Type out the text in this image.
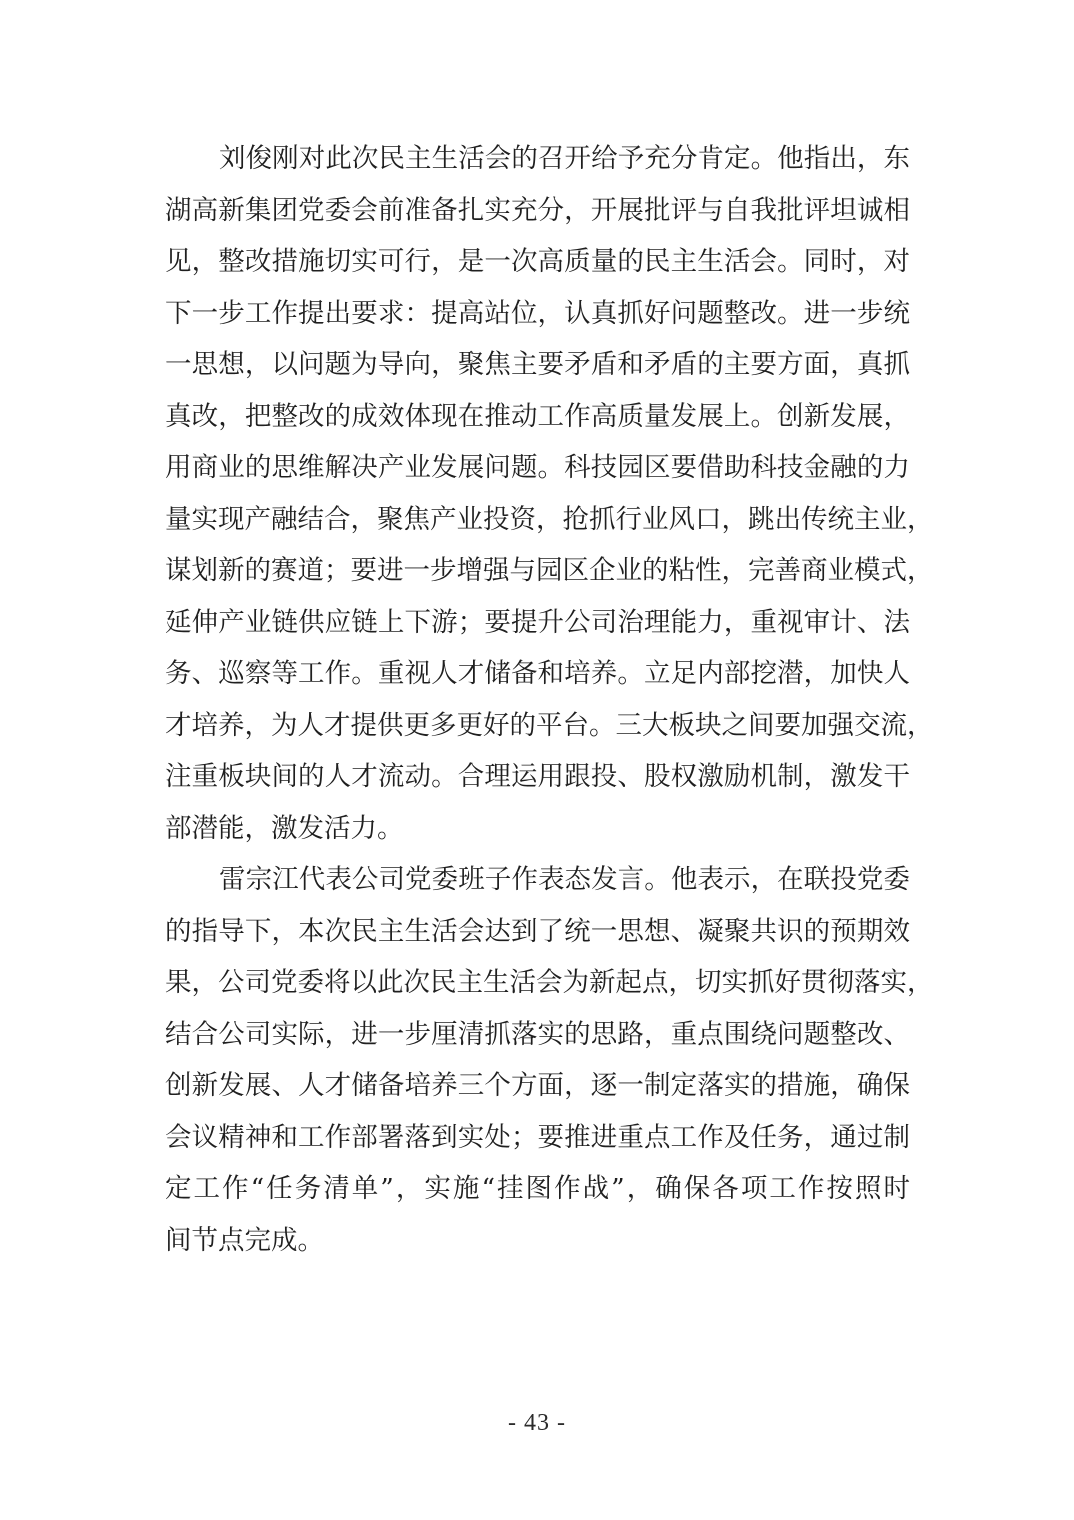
刘俊刚对此次民主生活会的召开给予充分肯定。他指出，东
湖高新集团党委会前准备扎实充分，开展批评与自我批评坦诚相
见，整改措施切实可行，是一次高质量的民主生活会。同时，对
下一步工作提出要求：提高站位，认真抓好问题整改。进一步统
一思想，以问题为导向，聚焦主要矛盾和矛盾的主要方面，真抓
真改，把整改的成效体现在推动工作高质量发展上。创新发展，
用商业的思维解决产业发展问题。科技园区要借助科技金融的力
量实现产融结合，聚焦产业投资，抢抓行业风口，跳出传统主业，
谋划新的赛道；要进一步增强与园区企业的粘性，完善商业模式，
延伸产业链供应链上下游；要提升公司治理能力，重视审计、法
务、巡察等工作。重视人才储备和培养。立足内部挖潜，加快人
才培养，为人才提供更多更好的平台。三大板块之间要加强交流，
注重板块间的人才流动。合理运用跟投、股权激励机制，激发干
部潜能，激发活力。
雷宗江代表公司党委班子作表态发言。他表示，在联投党委
的指导下，本次民主生活会达到了统一思想、凝聚共识的预期效
果，公司党委将以此次民主生活会为新起点，切实抓好贯彻落实，
结合公司实际，进一步厘清抓落实的思路，重点围绕问题整改、
创新发展、人才储备培养三个方面，逐一制定落实的措施，确保
会议精神和工作部署落到实处；要推进重点工作及任务，通过制
定工作“任务清单”，实施“挂图作战”，确保各项工作按照时
间节点完成。
- 43 -
